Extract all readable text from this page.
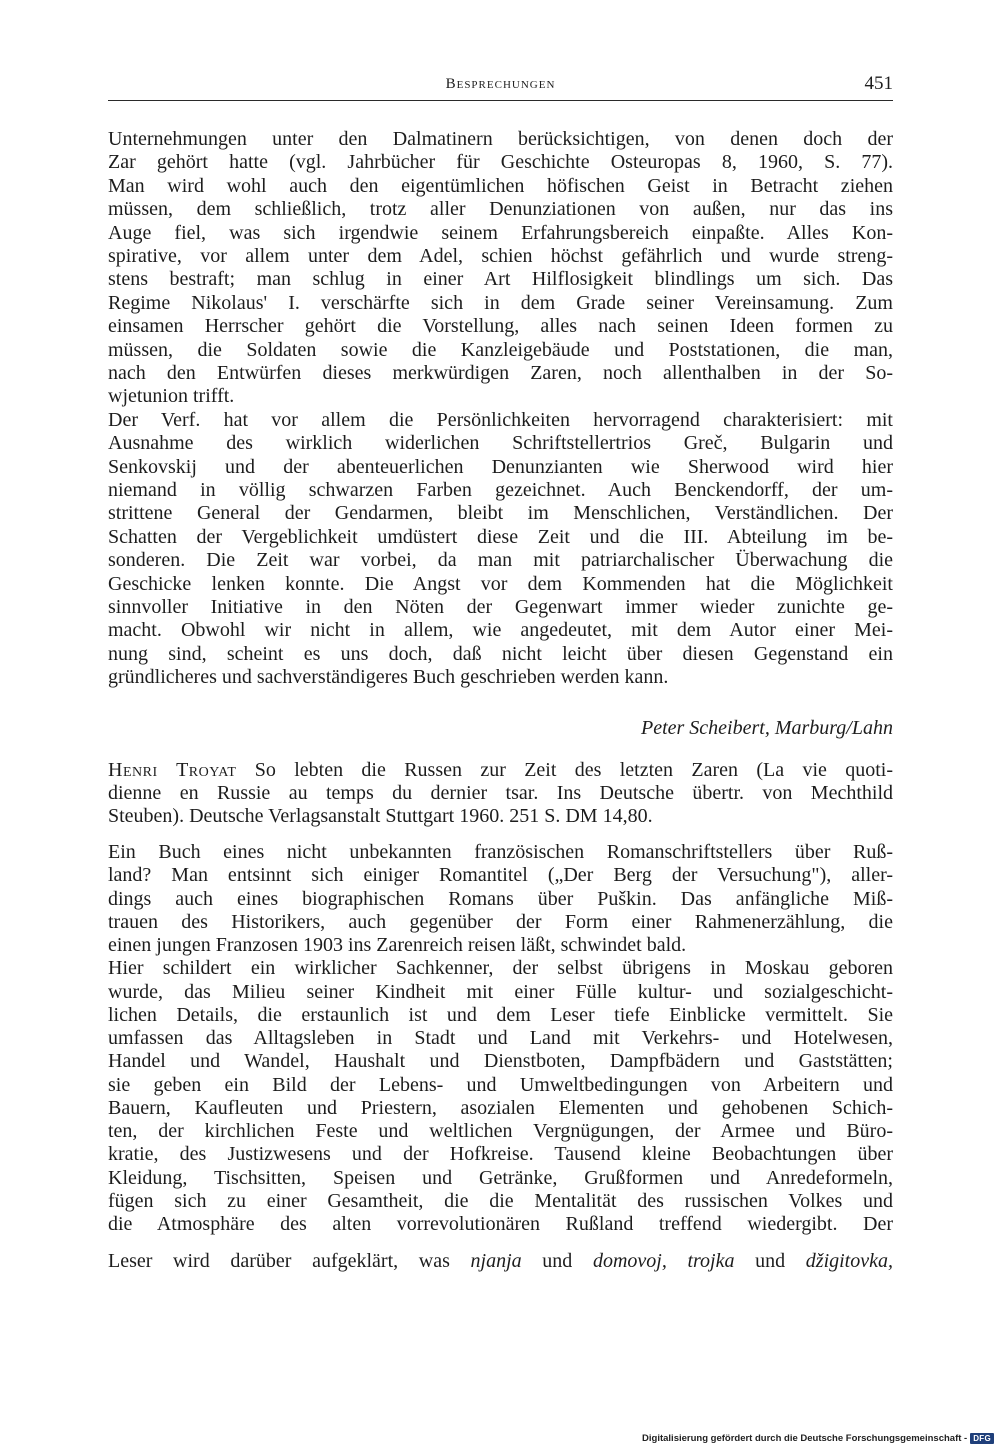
Besprechungen	451
Unternehmungen unter den Dalmatinern berücksichtigen, von denen doch der
Zar gehört hatte (vgl. Jahrbücher für Geschichte Osteuropas 8, 1960, S. 77).
Man wird wohl auch den eigentümlichen höfischen Geist in Betracht ziehen
müssen, dem schließlich, trotz aller Denunziationen von außen, nur das ins
Auge fiel, was sich irgendwie seinem Erfahrungsbereich einpaßte. Alles Kon-
spirative, vor allem unter dem Adel, schien höchst gefährlich und wurde streng-
stens bestraft; man schlug in einer Art Hilflosigkeit blindlings um sich. Das
Regime Nikolaus' I. verschärfte sich in dem Grade seiner Vereinsamung. Zum
einsamen Herrscher gehört die Vorstellung, alles nach seinen Ideen formen zu
müssen, die Soldaten sowie die Kanzleigebäude und Poststationen, die man,
nach den Entwürfen dieses merkwürdigen Zaren, noch allenthalben in der So-
wjetunion trifft.
Der Verf. hat vor allem die Persönlichkeiten hervorragend charakterisiert: mit
Ausnahme des wirklich widerlichen Schriftstellertrios Greč, Bulgarin und
Senkovskij und der abenteuerlichen Denunzianten wie Sherwood wird hier
niemand in völlig schwarzen Farben gezeichnet. Auch Benckendorff, der um-
strittene General der Gendarmen, bleibt im Menschlichen, Verständlichen. Der
Schatten der Vergeblichkeit umdüstert diese Zeit und die III. Abteilung im be-
sonderen. Die Zeit war vorbei, da man mit patriarchalischer Überwachung die
Geschicke lenken konnte. Die Angst vor dem Kommenden hat die Möglichkeit
sinnvoller Initiative in den Nöten der Gegenwart immer wieder zunichte ge-
macht. Obwohl wir nicht in allem, wie angedeutet, mit dem Autor einer Mei-
nung sind, scheint es uns doch, daß nicht leicht über diesen Gegenstand ein
gründlicheres und sachverständigeres Buch geschrieben werden kann.
Peter Scheibert, Marburg/Lahn
Henri Troyat So lebten die Russen zur Zeit des letzten Zaren (La vie quoti-
dienne en Russie au temps du dernier tsar. Ins Deutsche übertr. von Mechthild
Steuben). Deutsche Verlagsanstalt Stuttgart 1960. 251 S. DM 14,80.
Ein Buch eines nicht unbekannten französischen Romanschriftstellers über Ruß-
land? Man entsinnt sich einiger Romantitel („Der Berg der Versuchung"), aller-
dings auch eines biographischen Romans über Puškin. Das anfängliche Miß-
trauen des Historikers, auch gegenüber der Form einer Rahmenerzählung, die
einen jungen Franzosen 1903 ins Zarenreich reisen läßt, schwindet bald.
Hier schildert ein wirklicher Sachkenner, der selbst übrigens in Moskau geboren
wurde, das Milieu seiner Kindheit mit einer Fülle kultur- und sozialgeschicht-
lichen Details, die erstaunlich ist und dem Leser tiefe Einblicke vermittelt. Sie
umfassen das Alltagsleben in Stadt und Land mit Verkehrs- und Hotelwesen,
Handel und Wandel, Haushalt und Dienstboten, Dampfbädern und Gaststätten;
sie geben ein Bild der Lebens- und Umweltbedingungen von Arbeitern und
Bauern, Kaufleuten und Priestern, asozialen Elementen und gehobenen Schich-
ten, der kirchlichen Feste und weltlichen Vergnügungen, der Armee und Büro-
kratie, des Justizwesens und der Hofkreise. Tausend kleine Beobachtungen über
Kleidung, Tischsitten, Speisen und Getränke, Grußformen und Anredeformeln,
fügen sich zu einer Gesamtheit, die die Mentalität des russischen Volkes und
die Atmosphäre des alten vorrevolutionären Rußland treffend wiedergibt. Der
Leser wird darüber aufgeklärt, was njanja und domovoj, trojka und džigitovka,
Digitalisierung gefördert durch die Deutsche Forschungsgemeinschaft - DFG
